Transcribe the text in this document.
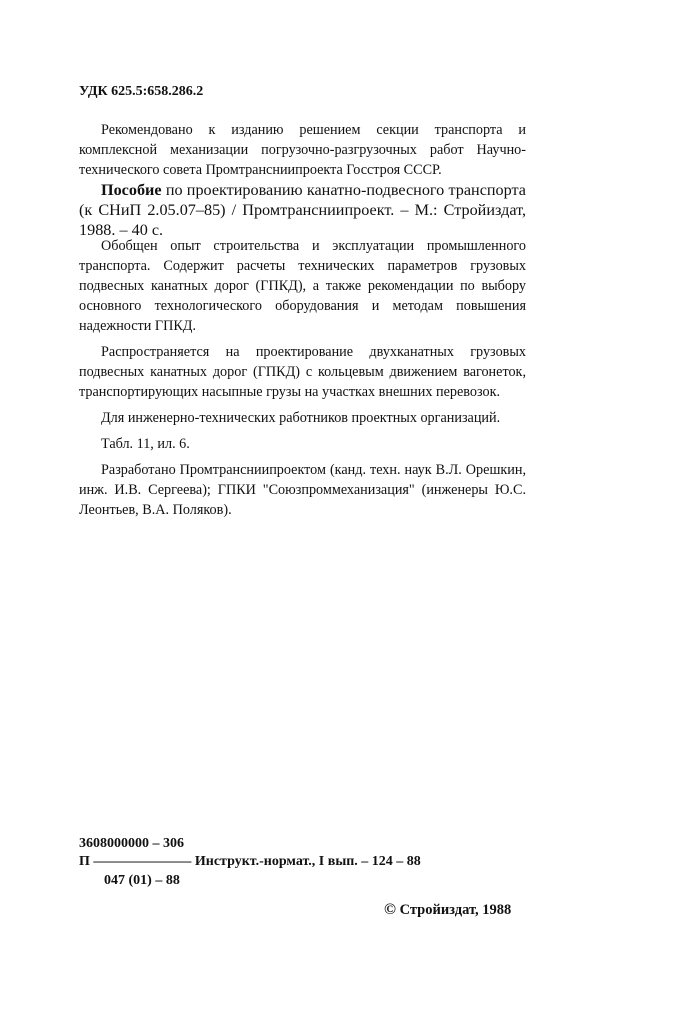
УДК 625.5:658.286.2
Рекомендовано к изданию решением секции транспорта и комплексной механизации погрузочно-разгрузочных работ Научно-технического совета Промтрансниипроекта Госстроя СССР.
Пособие по проектированию канатно-подвесного транспорта (к СНиП 2.05.07–85) / Промтрансниипроект. – М.: Стройиздат, 1988. – 40 с.

Обобщен опыт строительства и эксплуатации промышленного транспорта. Содержит расчеты технических параметров грузовых подвесных канатных дорог (ГПКД), а также рекомендации по выбору основного технологического оборудования и методам повышения надежности ГПКД.

Распространяется на проектирование двухканатных грузовых подвесных канатных дорог (ГПКД) с кольцевым движением вагонеток, транспортирующих насыпные грузы на участках внешних перевозок.

Для инженерно-технических работников проектных организаций.

Табл. 11, ил. 6.

Разработано Промтрансниипроектом (канд. техн. наук В.Л. Орешкин, инж. И.В. Сергеева); ГПКИ "Союзпроммеханизация" (инженеры Ю.С. Леонтьев, В.А. Поляков).

3608000000 – 306
П –––––––––––––– Инструкт.-нормат., I вып. – 124 – 88
047 (01) – 88
© Стройиздат, 1988
